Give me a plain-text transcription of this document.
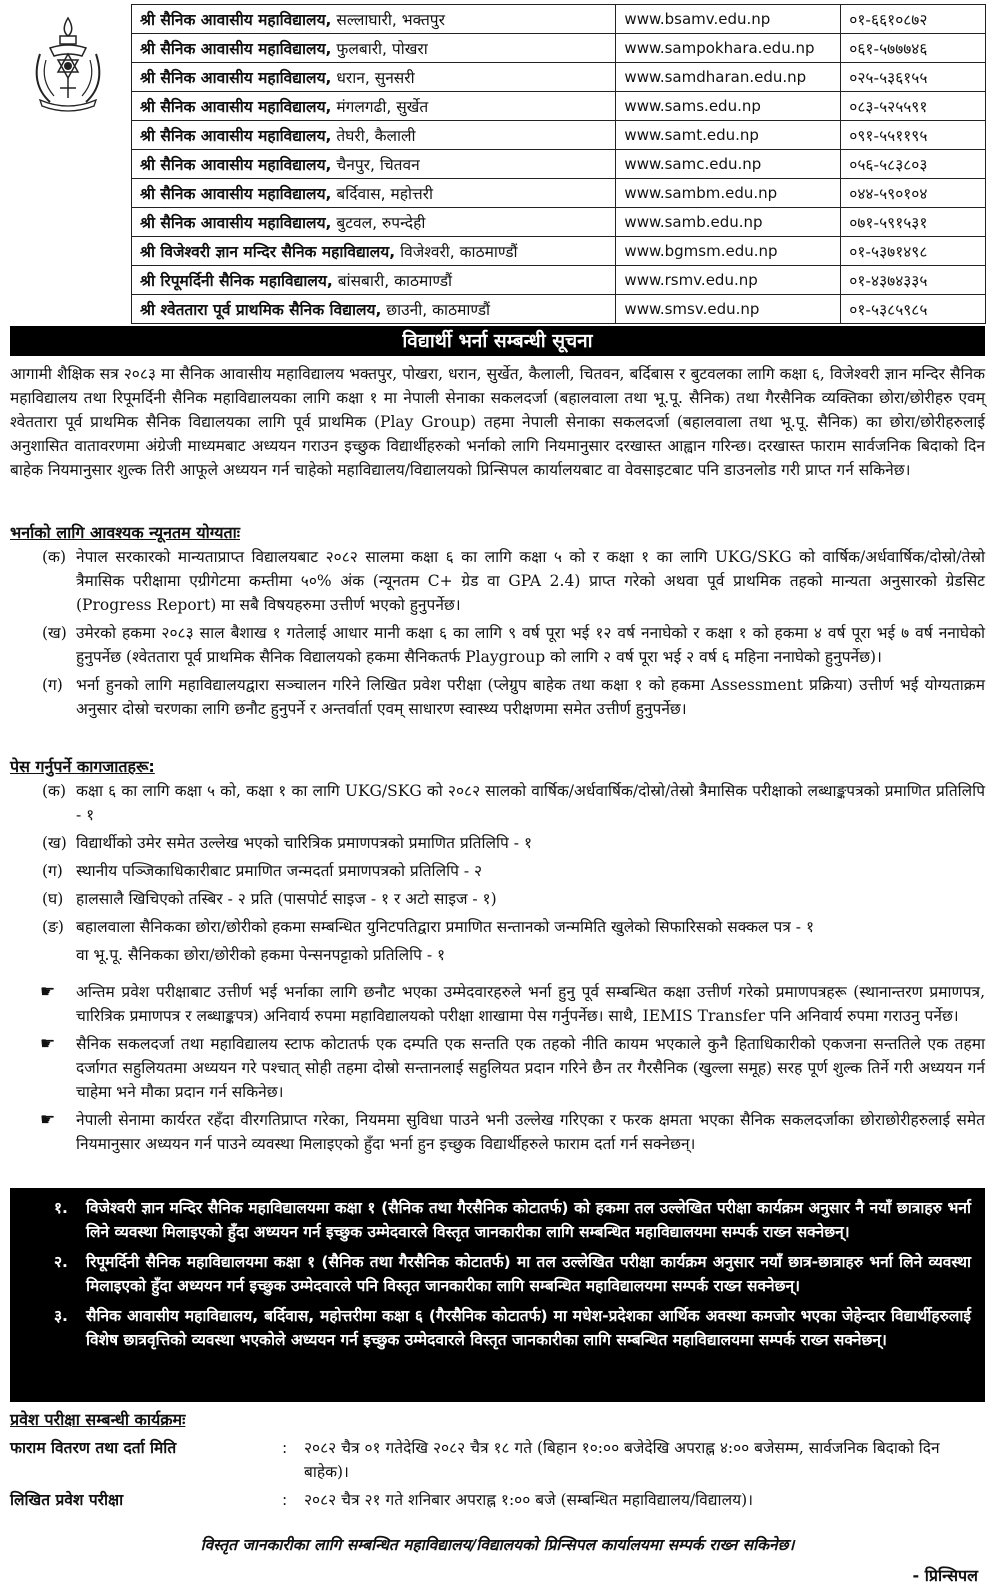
श्री सैनिक आवासीय महाविद्यालय, सल्लाघारी, भक्तपुर	www.bsamv.edu.np	०१-६६१०८७२
श्री सैनिक आवासीय महाविद्यालय, फुलबारी, पोखरा	www.sampokhara.edu.np	०६१-५७७७४६
श्री सैनिक आवासीय महाविद्यालय, धरान, सुनसरी	www.samdharan.edu.np	०२५-५३६१५५
श्री सैनिक आवासीय महाविद्यालय, मंगलगढी, सुर्खेत	www.sams.edu.np	०८३-५२५५९१
श्री सैनिक आवासीय महाविद्यालय, तेघरी, कैलाली	www.samt.edu.np	०९१-५५११९५
श्री सैनिक आवासीय महाविद्यालय, चैनपुर, चितवन	www.samc.edu.np	०५६-५८३८०३
श्री सैनिक आवासीय महाविद्यालय, बर्दिवास, महोत्तरी	www.sambm.edu.np	०४४-५९०१०४
श्री सैनिक आवासीय महाविद्यालय, बुटवल, रुपन्देही	www.samb.edu.np	०७१-५९१५३१
श्री विजेश्वरी ज्ञान मन्दिर सैनिक महाविद्यालय, विजेश्वरी, काठमाण्डौं	www.bgmsm.edu.np	०१-५३७१४९८
श्री रिपूमर्दिनी सैनिक महाविद्यालय, बांसबारी, काठमाण्डौं	www.rsmv.edu.np	०१-४३७४३३५
श्री श्वेततारा पूर्व प्राथमिक सैनिक विद्यालय, छाउनी, काठमाण्डौं	www.smsv.edu.np	०१-५३८५९८५
विद्यार्थी भर्ना सम्बन्धी सूचना

आगामी शैक्षिक सत्र २०८३ मा सैनिक आवासीय महाविद्यालय भक्तपुर, पोखरा, धरान, सुर्खेत, कैलाली, चितवन, बर्दिबास र बुटवलका लागि कक्षा ६, विजेश्वरी ज्ञान मन्दिर सैनिक महाविद्यालय तथा रिपूमर्दिनी सैनिक महाविद्यालयका लागि कक्षा १ मा नेपाली सेनाका सकलदर्जा (बहालवाला तथा भू.पू. सैनिक) तथा गैरसैनिक व्यक्तिका छोरा/छोरीहरु एवम् श्वेततारा पूर्व प्राथमिक सैनिक विद्यालयका लागि पूर्व प्राथमिक (Play Group) तहमा नेपाली सेनाका सकलदर्जा (बहालवाला तथा भू.पू. सैनिक) का छोरा/छोरीहरुलाई अनुशासित वातावरणमा अंग्रेजी माध्यमबाट अध्ययन गराउन इच्छुक विद्यार्थीहरुको भर्नाको लागि नियमानुसार दरखास्त आह्वान गरिन्छ। दरखास्त फाराम सार्वजनिक बिदाको दिन बाहेक नियमानुसार शुल्क तिरी आफूले अध्ययन गर्न चाहेको महाविद्यालय/विद्यालयको प्रिन्सिपल कार्यालयबाट वा वेवसाइटबाट पनि डाउनलोड गरी प्राप्त गर्न सकिनेछ।

भर्नाको लागि आवश्यक न्यूनतम योग्यताः
(क) नेपाल सरकारको मान्यताप्राप्त विद्यालयबाट २०८२ सालमा कक्षा ६ का लागि कक्षा ५ को र कक्षा १ का लागि UKG/SKG को वार्षिक/अर्धवार्षिक/दोस्रो/तेस्रो त्रैमासिक परीक्षामा एग्रीगेटमा कम्तीमा ५०% अंक (न्यूनतम C+ ग्रेड वा GPA 2.4) प्राप्त गरेको अथवा पूर्व प्राथमिक तहको मान्यता अनुसारको ग्रेडसिट (Progress Report) मा सबै विषयहरुमा उत्तीर्ण भएको हुनुपर्नेछ।
(ख) उमेरको हकमा २०८३ साल बैशाख १ गतेलाई आधार मानी कक्षा ६ का लागि ९ वर्ष पूरा भई १२ वर्ष ननाघेको र कक्षा १ को हकमा ४ वर्ष पूरा भई ७ वर्ष ननाघेको हुनुपर्नेछ (श्वेततारा पूर्व प्राथमिक सैनिक विद्यालयको हकमा सैनिकतर्फ Playgroup को लागि २ वर्ष पूरा भई २ वर्ष ६ महिना ननाघेको हुनुपर्नेछ)।
(ग) भर्ना हुनको लागि महाविद्यालयद्वारा सञ्चालन गरिने लिखित प्रवेश परीक्षा (प्लेग्रुप बाहेक तथा कक्षा १ को हकमा Assessment प्रक्रिया) उत्तीर्ण भई योग्यताक्रम अनुसार दोस्रो चरणका लागि छनौट हुनुपर्ने र अन्तर्वार्ता एवम् साधारण स्वास्थ्य परीक्षणमा समेत उत्तीर्ण हुनुपर्नेछ।
पेस गर्नुपर्ने कागजातहरू:
(क) कक्षा ६ का लागि कक्षा ५ को, कक्षा १ का लागि UKG/SKG को २०८२ सालको वार्षिक/अर्धवार्षिक/दोस्रो/तेस्रो त्रैमासिक परीक्षाको लब्धाङ्कपत्रको प्रमाणित प्रतिलिपि - १
(ख) विद्यार्थीको उमेर समेत उल्लेख भएको चारित्रिक प्रमाणपत्रको प्रमाणित प्रतिलिपि - १
(ग) स्थानीय पञ्जिकाधिकारीबाट प्रमाणित जन्मदर्ता प्रमाणपत्रको प्रतिलिपि - २
(घ) हालसालै खिचिएको तस्बिर - २ प्रति (पासपोर्ट साइज - १ र अटो साइज - १)
(ङ) बहालवाला सैनिकका छोरा/छोरीको हकमा सम्बन्धित युनिटपतिद्वारा प्रमाणित सन्तानको जन्ममिति खुलेको सिफारिसको सक्कल पत्र - १
वा भू.पू. सैनिकका छोरा/छोरीको हकमा पेन्सनपट्टाको प्रतिलिपि - १
☛	अन्तिम प्रवेश परीक्षाबाट उत्तीर्ण भई भर्नाका लागि छनौट भएका उम्मेदवारहरुले भर्ना हुनु पूर्व सम्बन्धित कक्षा उत्तीर्ण गरेको प्रमाणपत्रहरू (स्थानान्तरण प्रमाणपत्र, चारित्रिक प्रमाणपत्र र लब्धाङ्कपत्र) अनिवार्य रुपमा महाविद्यालयको परीक्षा शाखामा पेस गर्नुपर्नेछ। साथै, IEMIS Transfer पनि अनिवार्य रुपमा गराउनु पर्नेछ।
☛	सैनिक सकलदर्जा तथा महाविद्यालय स्टाफ कोटातर्फ एक दम्पति एक सन्तति एक तहको नीति कायम भएकाले कुनै हिताधिकारीको एकजना सन्ततिले एक तहमा दर्जागत सहुलियतमा अध्ययन गरे पश्चात् सोही तहमा दोस्रो सन्तानलाई सहुलियत प्रदान गरिने छैन तर गैरसैनिक (खुल्ला समूह) सरह पूर्ण शुल्क तिर्ने गरी अध्ययन गर्न चाहेमा भने मौका प्रदान गर्न सकिनेछ।
☛	नेपाली सेनामा कार्यरत रहँदा वीरगतिप्राप्त गरेका, नियममा सुविधा पाउने भनी उल्लेख गरिएका र फरक क्षमता भएका सैनिक सकलदर्जाका छोराछोरीहरुलाई समेत नियमानुसार अध्ययन गर्न पाउने व्यवस्था मिलाइएको हुँदा भर्ना हुन इच्छुक विद्यार्थीहरुले फाराम दर्ता गर्न सक्नेछन्।
१.	विजेश्वरी ज्ञान मन्दिर सैनिक महाविद्यालयमा कक्षा १ (सैनिक तथा गैरसैनिक कोटातर्फ) को हकमा तल उल्लेखित परीक्षा कार्यक्रम अनुसार नै नयाँ छात्राहरु भर्ना लिने व्यवस्था मिलाइएको हुँदा अध्ययन गर्न इच्छुक उम्मेदवारले विस्तृत जानकारीका लागि सम्बन्धित महाविद्यालयमा सम्पर्क राख्न सक्नेछन्।
२.	रिपूमर्दिनी सैनिक महाविद्यालयमा कक्षा १ (सैनिक तथा गैरसैनिक कोटातर्फ) मा तल उल्लेखित परीक्षा कार्यक्रम अनुसार नयाँ छात्र-छात्राहरु भर्ना लिने व्यवस्था मिलाइएको हुँदा अध्ययन गर्न इच्छुक उम्मेदवारले पनि विस्तृत जानकारीका लागि सम्बन्धित महाविद्यालयमा सम्पर्क राख्न सक्नेछन्।
३.	सैनिक आवासीय महाविद्यालय, बर्दिवास, महोत्तरीमा कक्षा ६ (गैरसैनिक कोटातर्फ) मा मधेश-प्रदेशका आर्थिक अवस्था कमजोर भएका जेहेन्दार विद्यार्थीहरुलाई विशेष छात्रवृत्तिको व्यवस्था भएकोले अध्ययन गर्न इच्छुक उम्मेदवारले विस्तृत जानकारीका लागि सम्बन्धित महाविद्यालयमा सम्पर्क राख्न सक्नेछन्।
प्रवेश परीक्षा सम्बन्धी कार्यक्रमः
फाराम वितरण तथा दर्ता मिति	:	२०८२ चैत्र ०१ गतेदेखि २०८२ चैत्र १८ गते (बिहान १०:०० बजेदेखि अपराह्न ४:०० बजेसम्म, सार्वजनिक बिदाको दिन बाहेक)।
लिखित प्रवेश परीक्षा	:	२०८२ चैत्र २१ गते शनिबार अपराह्न १:०० बजे (सम्बन्धित महाविद्यालय/विद्यालय)।
विस्तृत जानकारीका लागि सम्बन्धित महाविद्यालय/विद्यालयको प्रिन्सिपल कार्यालयमा सम्पर्क राख्न सकिनेछ।
- प्रिन्सिपल
